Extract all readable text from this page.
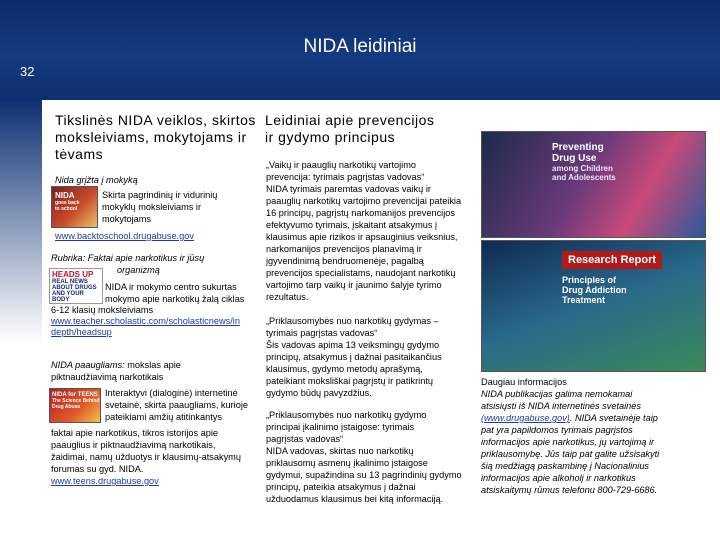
NIDA leidiniai
32
Tikslinės NIDA veiklos, skirtos
moksleiviams, mokytojams ir
tėvams
Nida grįžta į mokyką
NIDA
goes back
to school
Skirta pagrindinių ir vidurinių
mokyklų moksleiviams ir
mokytojams
www.backtoschool.drugabuse.gov
Rubrika: Faktai apie narkotikus ir jūsų
organizmą
HEADS UP
REAL NEWS
ABOUT DRUGS
AND YOUR BODY
NIDA ir mokymo centro sukurtas
mokymo apie narkotikų žalą ciklas
6-12 klasių moksleiviams
www.teacher.scholastic.com/scholasticnews/in
depth/headsup
NIDA paaugliams: mokslas apie
piktnaudžiavimą narkotikais
NIDA for TEENS
The Science Behind
Drug Abuse
Interaktyvi (dialoginė) internetinė
svetainė, skirta paaugliams, kurioje
pateikiami amžių atitinkantys
faktai apie narkotikus, tikros istorijos apie
paauglius ir piktnaudžiavimą narkotikais,
žaidimai, namų užduotys ir klausimų-atsakymų
forumas su gyd. NIDA.
www.teens.drugabuse.gov
Leidiniai apie prevencijos
ir gydymo principus
„Vaikų ir paauglių narkotikų vartojimo
prevencija: tyrimais pagrįstas vadovas“
NIDA tyrimais paremtas vadovas vaikų ir
paauglių narkotikų vartojimo prevencijai pateikia
16 principų, pagrįstų narkomanijos prevencijos
efektyvumo tyrimais, įskaitant atsakymus į
klausimus apie rizikos ir apsauginius veiksnius,
narkomanijos prevencijos planavimą ir
įgyvendinimą bendruomenėje, pagalbą
prevencijos specialistams, naudojant narkotikų
vartojimo tarp vaikų ir jaunimo šalyje tyrimo
rezultatus.
„Priklausomybės nuo narkotikų gydymas –
tyrimais pagrįstas vadovas“
Šis vadovas apima 13 veiksmingų gydymo
principų, atsakymus į dažnai pasitaikančius
klausimus, gydymo metodų aprašymą,
pateikiant moksliškai pagrįstų ir patikrintų
gydymo būdų pavyzdžius.
„Priklausomybės nuo narkotikų gydymo
principai įkalinimo įstaigose: tyrimais
pagrįstas vadovas“
NIDA vadovas, skirtas nuo narkotikų
priklausomų asmenų įkalinimo įstaigose
gydymui, supažindina su 13 pagrindinių gydymo
principų, pateikia atsakymus į dažnai
užduodamus klausimus bei kitą informaciją.
Preventing
Drug Use
among Children
and Adolescents
Research Report
Principles of
Drug Addiction
Treatment
Daugiau informacijos
NIDA publikacijas galima nemokamai
atsisiųsti iš NIDA internetinės svetainės
(www.drugabuse.gov). NIDA svetainėje taip
pat yra papildomos tyrimais pagrįstos
informacijos apie narkotikus, jų vartojimą ir
priklausomybę. Jūs taip pat galite užsisakyti
šią medžiagą paskambinę į Nacionalinius
informacijos apie alkoholį ir narkotikus
atsiskaitymų rūmus telefonu 800-729-6686.
